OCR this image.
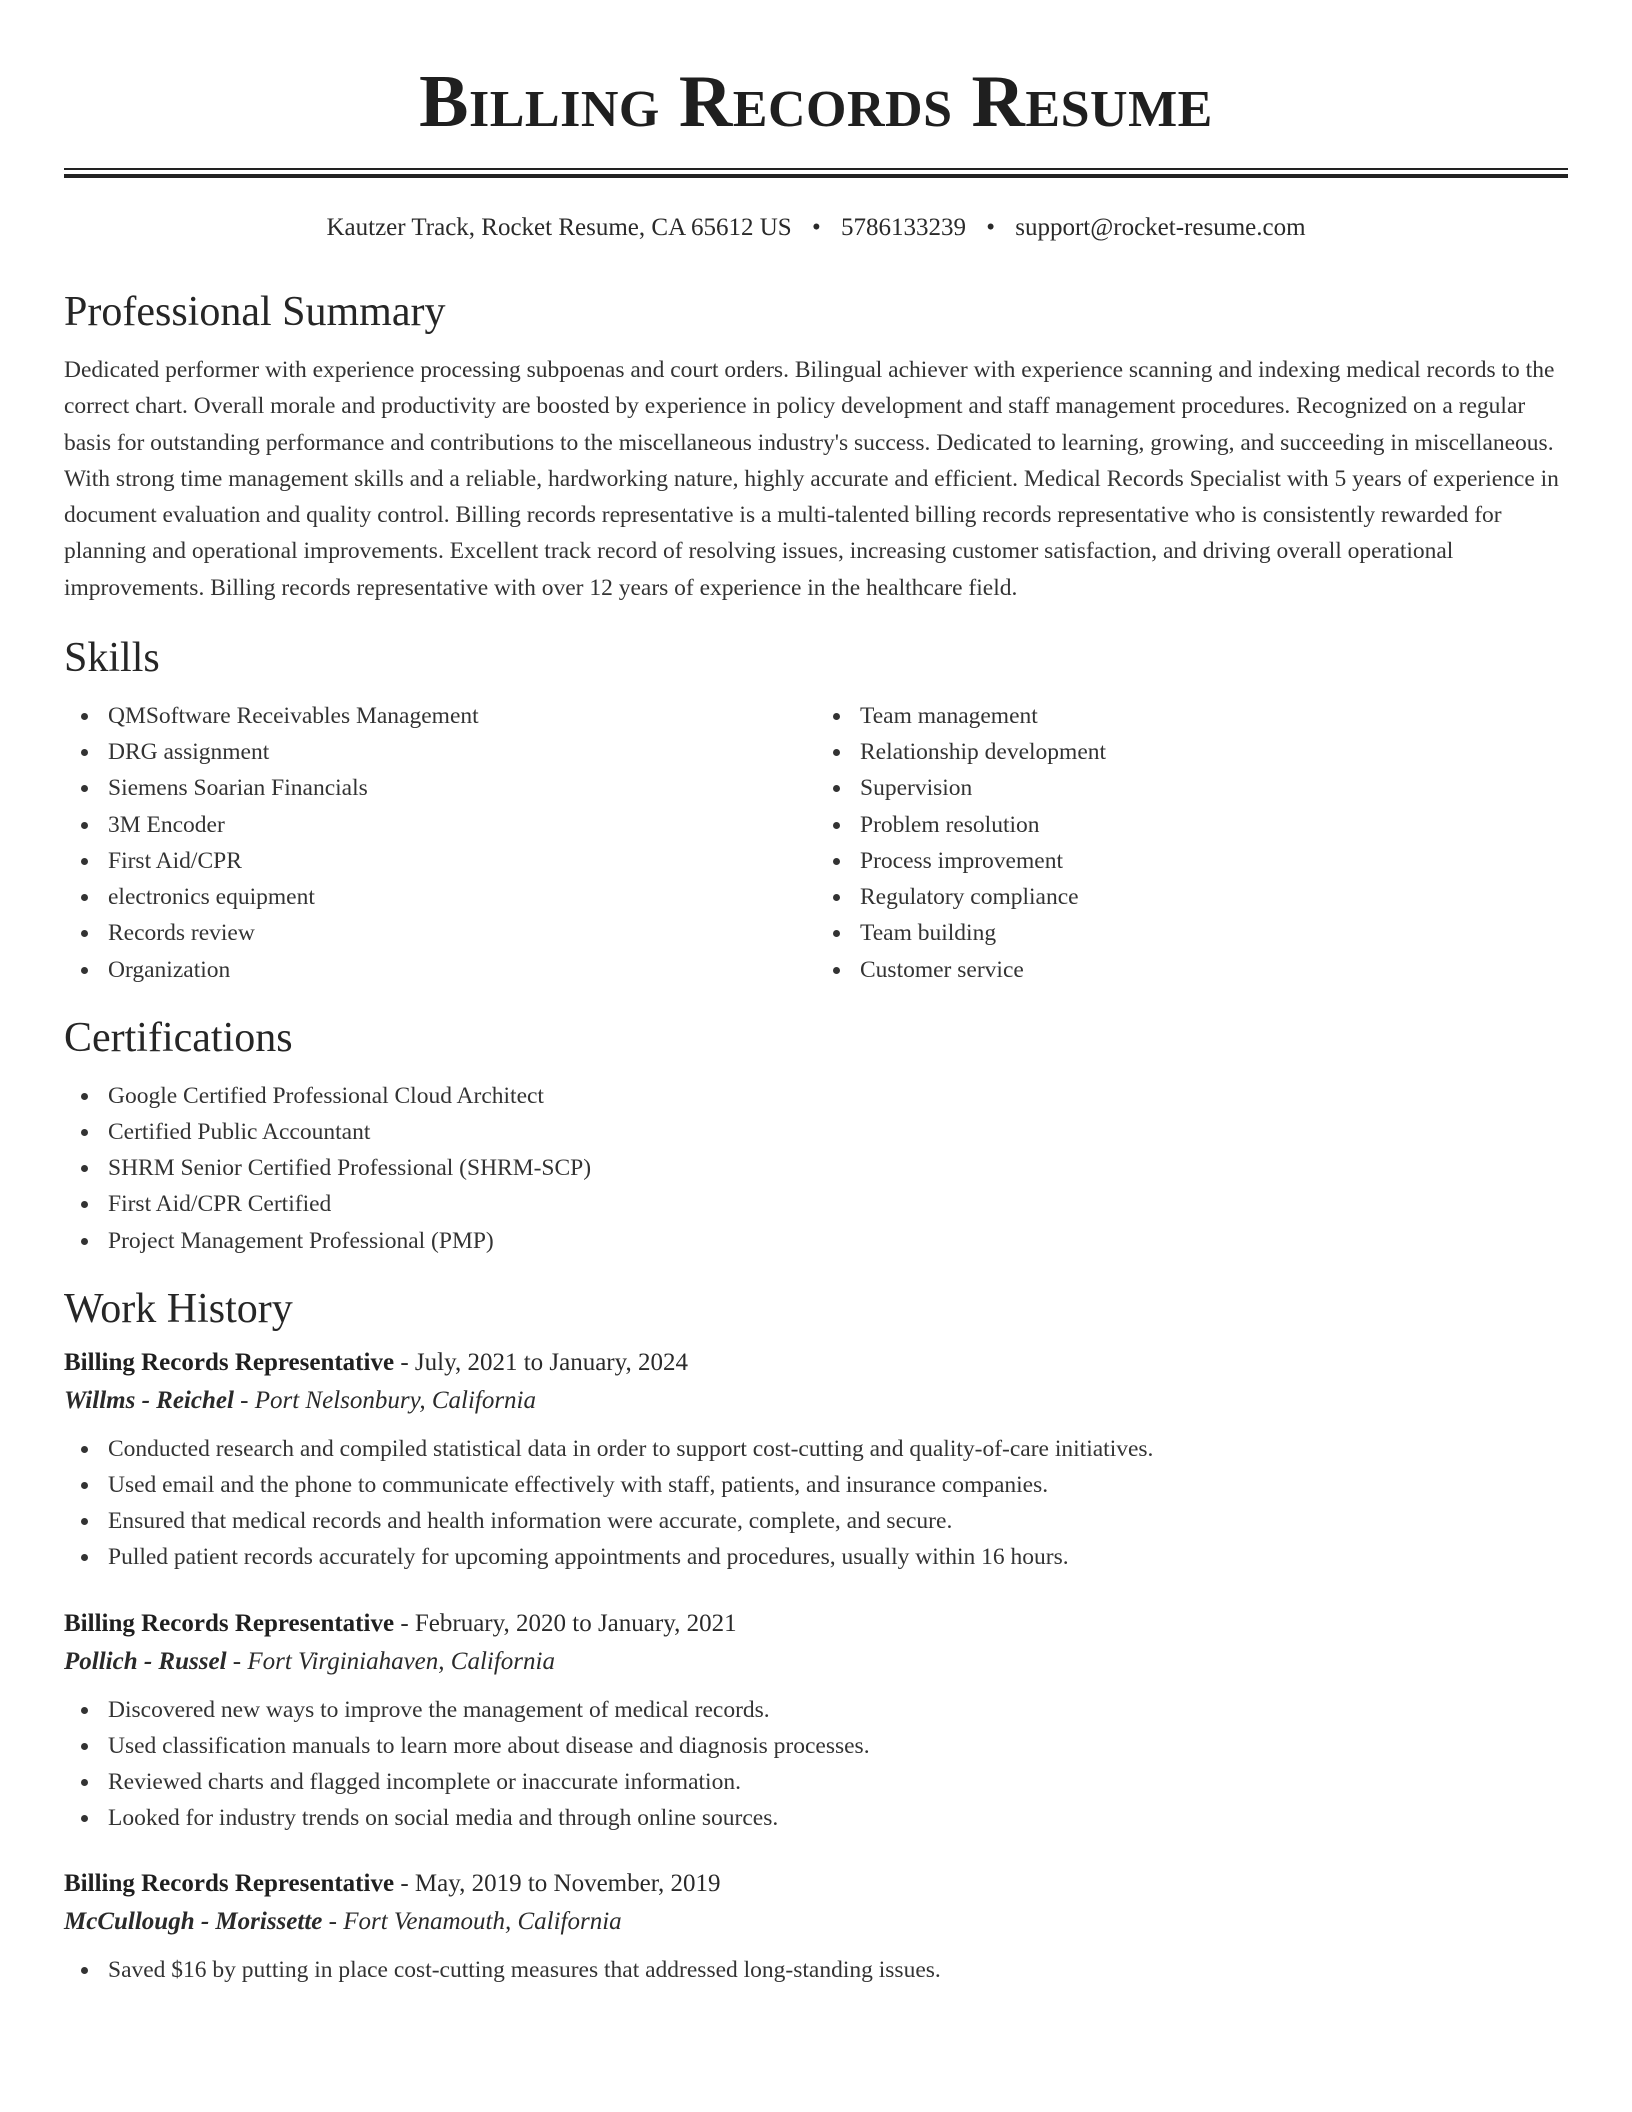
Billing Records Resume
Kautzer Track, Rocket Resume, CA 65612 US • 5786133239 • support@rocket-resume.com
Professional Summary

Dedicated performer with experience processing subpoenas and court orders. Bilingual achiever with experience scanning and indexing medical records to the correct chart. Overall morale and productivity are boosted by experience in policy development and staff management procedures. Recognized on a regular basis for outstanding performance and contributions to the miscellaneous industry's success. Dedicated to learning, growing, and succeeding in miscellaneous. With strong time management skills and a reliable, hardworking nature, highly accurate and efficient. Medical Records Specialist with 5 years of experience in document evaluation and quality control. Billing records representative is a multi-talented billing records representative who is consistently rewarded for planning and operational improvements. Excellent track record of resolving issues, increasing customer satisfaction, and driving overall operational improvements. Billing records representative with over 12 years of experience in the healthcare field.

Skills
QMSoftware Receivables Management
DRG assignment
Siemens Soarian Financials
3M Encoder
First Aid/CPR
electronics equipment
Records review
Organization
Team management
Relationship development
Supervision
Problem resolution
Process improvement
Regulatory compliance
Team building
Customer service
Certifications
Google Certified Professional Cloud Architect
Certified Public Accountant
SHRM Senior Certified Professional (SHRM-SCP)
First Aid/CPR Certified
Project Management Professional (PMP)
Work History
Billing Records Representative - July, 2021 to January, 2024
Willms - Reichel - Port Nelsonbury, California
Conducted research and compiled statistical data in order to support cost-cutting and quality-of-care initiatives.
Used email and the phone to communicate effectively with staff, patients, and insurance companies.
Ensured that medical records and health information were accurate, complete, and secure.
Pulled patient records accurately for upcoming appointments and procedures, usually within 16 hours.
Billing Records Representative - February, 2020 to January, 2021
Pollich - Russel - Fort Virginiahaven, California
Discovered new ways to improve the management of medical records.
Used classification manuals to learn more about disease and diagnosis processes.
Reviewed charts and flagged incomplete or inaccurate information.
Looked for industry trends on social media and through online sources.
Billing Records Representative - May, 2019 to November, 2019
McCullough - Morissette - Fort Venamouth, California
Saved $16 by putting in place cost-cutting measures that addressed long-standing issues.
